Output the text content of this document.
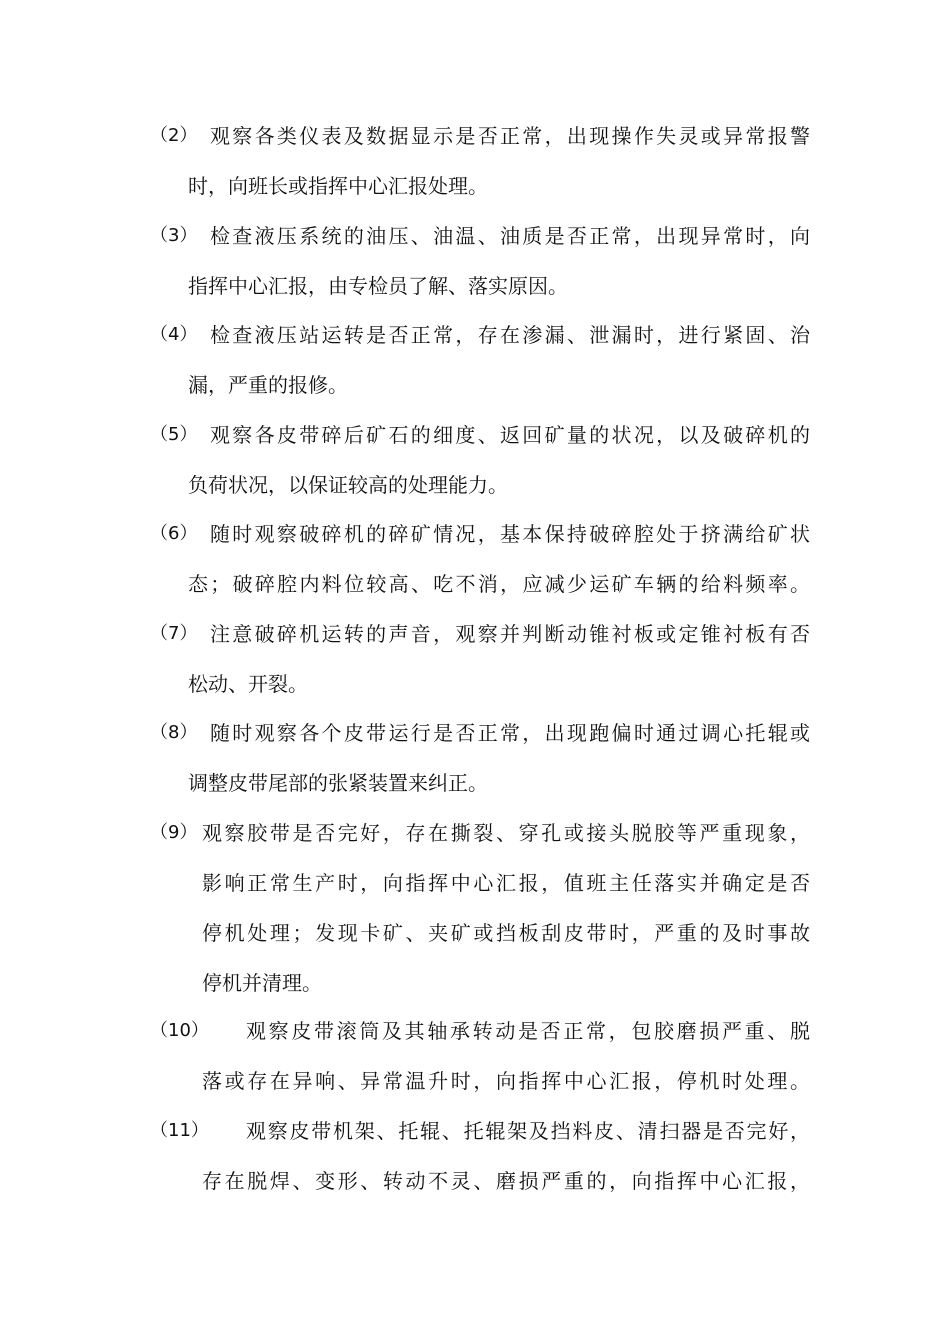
（2） 观察各类仪表及数据显示是否正常，出现操作失灵或异常报警
时，向班长或指挥中心汇报处理。
（3） 检查液压系统的油压、油温、油质是否正常，出现异常时，向
指挥中心汇报，由专检员了解、落实原因。
（4） 检查液压站运转是否正常，存在渗漏、泄漏时，进行紧固、治
漏，严重的报修。
（5） 观察各皮带碎后矿石的细度、返回矿量的状况，以及破碎机的
负荷状况，以保证较高的处理能力。
（6） 随时观察破碎机的碎矿情况，基本保持破碎腔处于挤满给矿状
态；破碎腔内料位较高、吃不消，应减少运矿车辆的给料频率。
（7） 注意破碎机运转的声音，观察并判断动锥衬板或定锥衬板有否
松动、开裂。
（8） 随时观察各个皮带运行是否正常，出现跑偏时通过调心托辊或
调整皮带尾部的张紧装置来纠正。
（9） 观察胶带是否完好，存在撕裂、穿孔或接头脱胶等严重现象，
影响正常生产时，向指挥中心汇报，值班主任落实并确定是否
停机处理；发现卡矿、夹矿或挡板刮皮带时，严重的及时事故
停机并清理。
（10） 观察皮带滚筒及其轴承转动是否正常，包胶磨损严重、脱
落或存在异响、异常温升时，向指挥中心汇报，停机时处理。
（11） 观察皮带机架、托辊、托辊架及挡料皮、清扫器是否完好，
存在脱焊、变形、转动不灵、磨损严重的，向指挥中心汇报，
